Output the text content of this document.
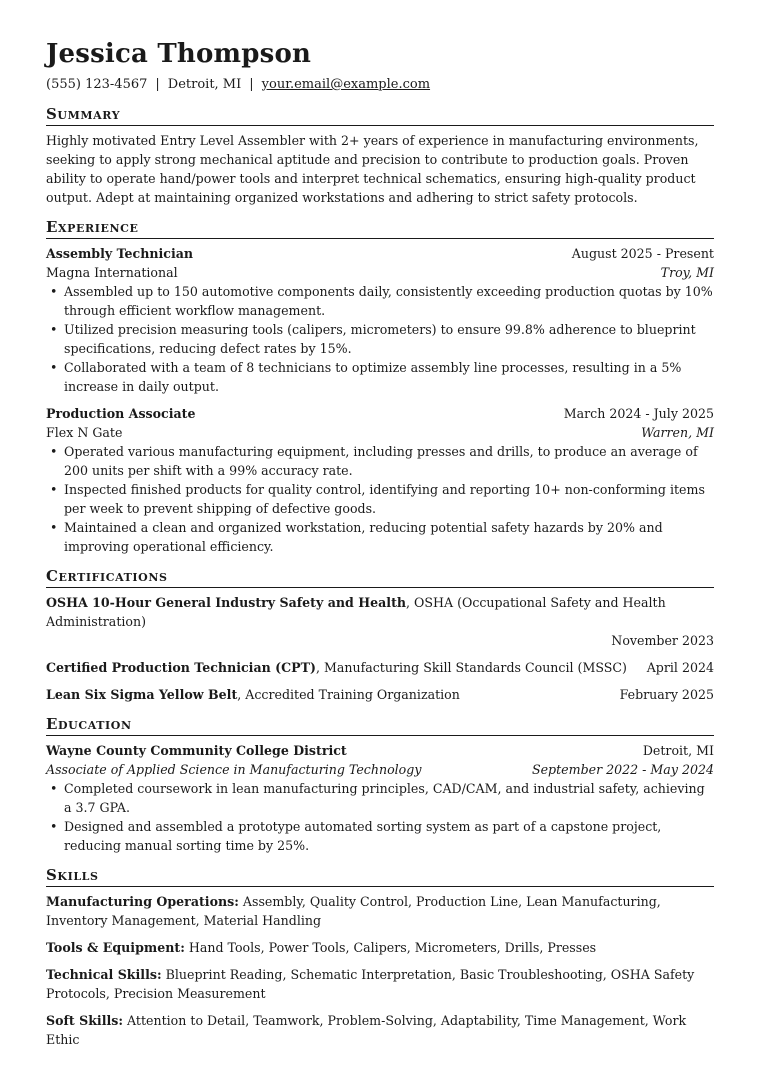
Jessica Thompson
(555) 123-4567 | Detroit, MI | your.email@example.com
Summary
Highly motivated Entry Level Assembler with 2+ years of experience in manufacturing environments, seeking to apply strong mechanical aptitude and precision to contribute to production goals. Proven ability to operate hand/power tools and interpret technical schematics, ensuring high-quality product output. Adept at maintaining organized workstations and adhering to strict safety protocols.
Experience
Assembly Technician	August 2025 - Present
Magna International	Troy, MI
• Assembled up to 150 automotive components daily, consistently exceeding production quotas by 10% through efficient workflow management.
• Utilized precision measuring tools (calipers, micrometers) to ensure 99.8% adherence to blueprint specifications, reducing defect rates by 15%.
• Collaborated with a team of 8 technicians to optimize assembly line processes, resulting in a 5% increase in daily output.
Production Associate	March 2024 - July 2025
Flex N Gate	Warren, MI
• Operated various manufacturing equipment, including presses and drills, to produce an average of 200 units per shift with a 99% accuracy rate.
• Inspected finished products for quality control, identifying and reporting 10+ non-conforming items per week to prevent shipping of defective goods.
• Maintained a clean and organized workstation, reducing potential safety hazards by 20% and improving operational efficiency.
Certifications
OSHA 10-Hour General Industry Safety and Health, OSHA (Occupational Safety and Health Administration)
November 2023
Certified Production Technician (CPT), Manufacturing Skill Standards Council (MSSC)	April 2024
Lean Six Sigma Yellow Belt, Accredited Training Organization	February 2025
Education
Wayne County Community College District	Detroit, MI
Associate of Applied Science in Manufacturing Technology	September 2022 - May 2024
• Completed coursework in lean manufacturing principles, CAD/CAM, and industrial safety, achieving a 3.7 GPA.
• Designed and assembled a prototype automated sorting system as part of a capstone project, reducing manual sorting time by 25%.
Skills
Manufacturing Operations: Assembly, Quality Control, Production Line, Lean Manufacturing, Inventory Management, Material Handling
Tools & Equipment: Hand Tools, Power Tools, Calipers, Micrometers, Drills, Presses
Technical Skills: Blueprint Reading, Schematic Interpretation, Basic Troubleshooting, OSHA Safety Protocols, Precision Measurement
Soft Skills: Attention to Detail, Teamwork, Problem-Solving, Adaptability, Time Management, Work Ethic
